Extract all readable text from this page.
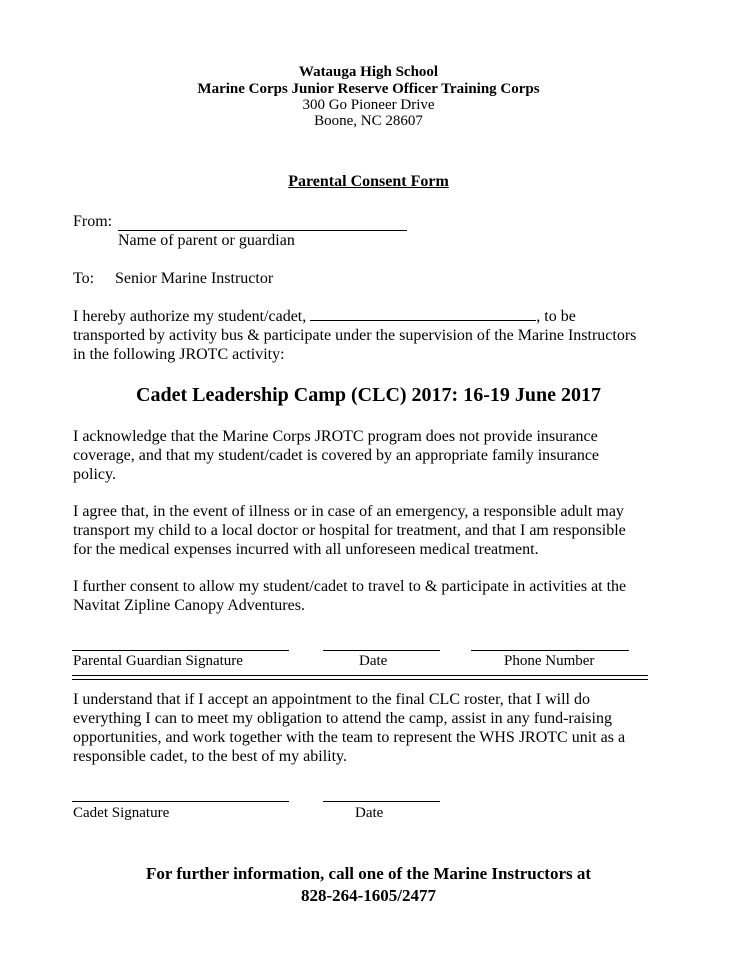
Watauga High School
Marine Corps Junior Reserve Officer Training Corps
300 Go Pioneer Drive
Boone, NC 28607
Parental Consent Form
From:
Name of parent or guardian
To: Senior Marine Instructor
I hereby authorize my student/cadet,	, to be
transported by activity bus & participate under the supervision of the Marine Instructors
in the following JROTC activity:
Cadet Leadership Camp (CLC) 2017: 16-19 June 2017
I acknowledge that the Marine Corps JROTC program does not provide insurance
coverage, and that my student/cadet is covered by an appropriate family insurance
policy.
I agree that, in the event of illness or in case of an emergency, a responsible adult may
transport my child to a local doctor or hospital for treatment, and that I am responsible
for the medical expenses incurred with all unforeseen medical treatment.
I further consent to allow my student/cadet to travel to & participate in activities at the
Navitat Zipline Canopy Adventures.
Parental Guardian Signature	Date	Phone Number
I understand that if I accept an appointment to the final CLC roster, that I will do
everything I can to meet my obligation to attend the camp, assist in any fund-raising
opportunities, and work together with the team to represent the WHS JROTC unit as a
responsible cadet, to the best of my ability.
Cadet Signature	Date
For further information, call one of the Marine Instructors at
828-264-1605/2477
